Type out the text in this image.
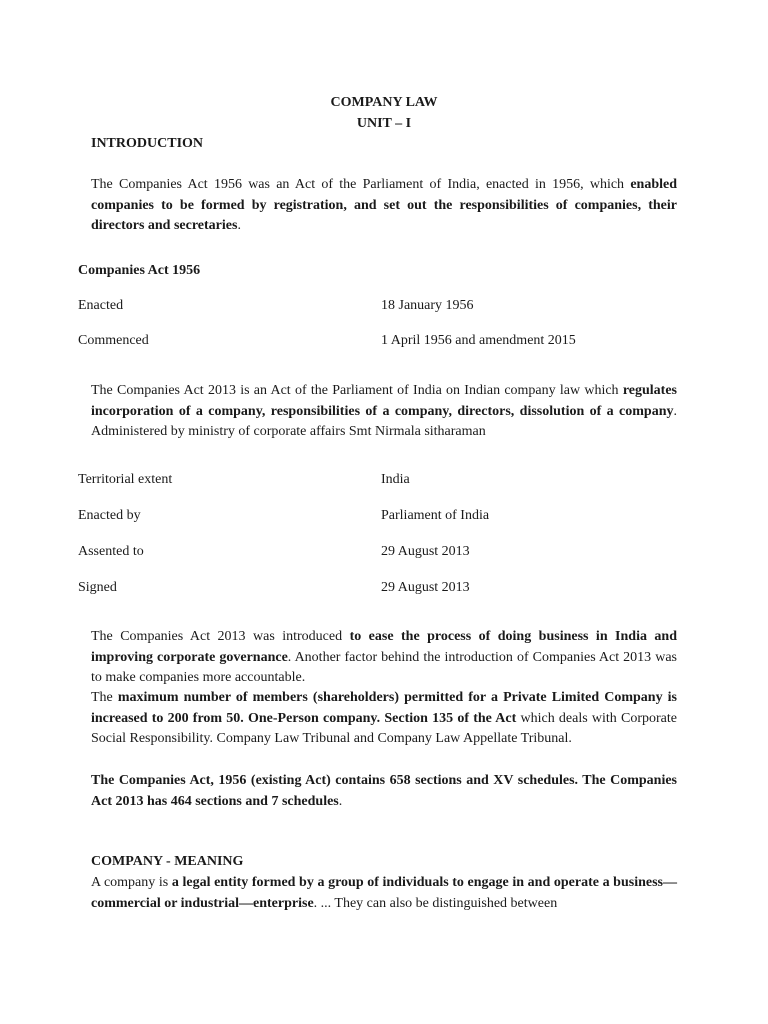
COMPANY LAW
UNIT – I
INTRODUCTION
The Companies Act 1956 was an Act of the Parliament of India, enacted in 1956, which enabled companies to be formed by registration, and set out the responsibilities of companies, their directors and secretaries.
Companies Act 1956
Enacted	18 January 1956
Commenced	1 April 1956 and amendment 2015
The Companies Act 2013 is an Act of the Parliament of India on Indian company law which regulates incorporation of a company, responsibilities of a company, directors, dissolution of a company. Administered by ministry of corporate affairs Smt Nirmala sitharaman
Territorial extent	India
Enacted by	Parliament of India
Assented to	29 August 2013
Signed	29 August 2013
The Companies Act 2013 was introduced to ease the process of doing business in India and improving corporate governance. Another factor behind the introduction of Companies Act 2013 was to make companies more accountable.
The maximum number of members (shareholders) permitted for a Private Limited Company is increased to 200 from 50. One-Person company. Section 135 of the Act which deals with Corporate Social Responsibility. Company Law Tribunal and Company Law Appellate Tribunal.
The Companies Act, 1956 (existing Act) contains 658 sections and XV schedules. The Companies Act 2013 has 464 sections and 7 schedules.
COMPANY - MEANING
A company is a legal entity formed by a group of individuals to engage in and operate a business—commercial or industrial—enterprise. ... They can also be distinguished between
